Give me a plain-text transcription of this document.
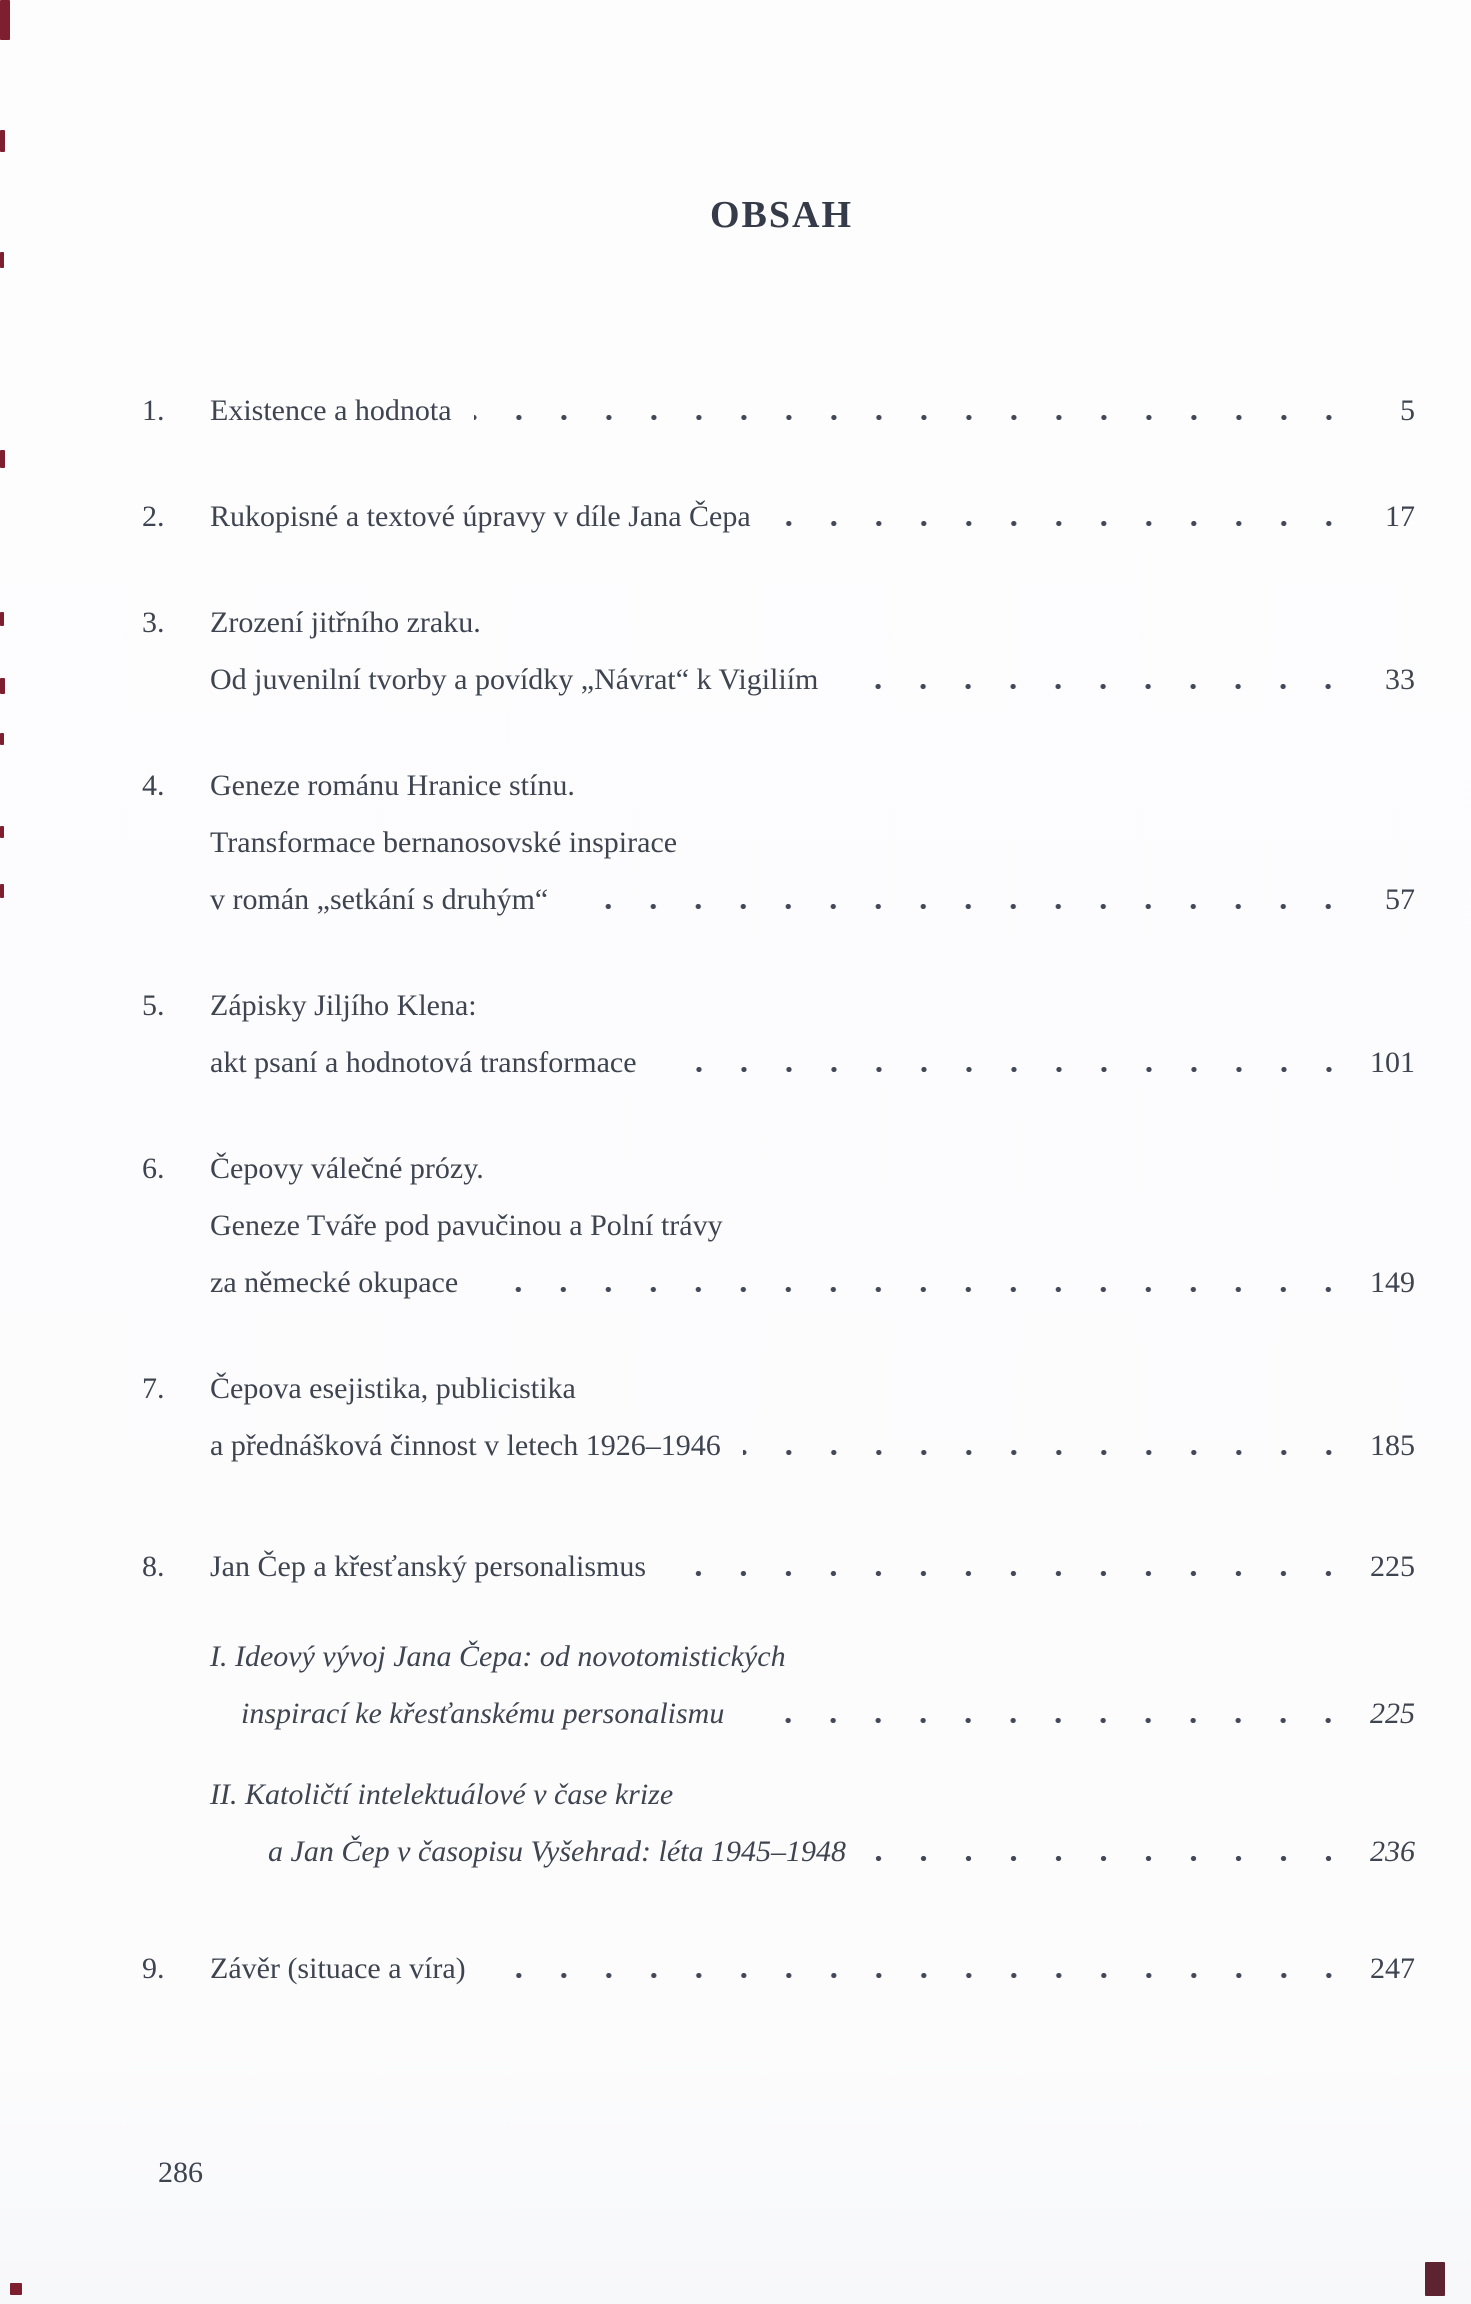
OBSAH
1.	Existence a hodnota	5
2.	Rukopisné a textové úpravy v díle Jana Čepa	17
3.	Zrození jitřního zraku.
Od juvenilní tvorby a povídky „Návrat“ k Vigiliím	33
4.	Geneze románu Hranice stínu.
Transformace bernanosovské inspirace
v román „setkání s druhým“	57
5.	Zápisky Jiljího Klena:
akt psaní a hodnotová transformace	101
6.	Čepovy válečné prózy.
Geneze Tváře pod pavučinou a Polní trávy
za německé okupace	149
7.	Čepova esejistika, publicistika
a přednášková činnost v letech 1926–1946	185
8.	Jan Čep a křesťanský personalismus	225
I. Ideový vývoj Jana Čepa: od novotomistických
inspirací ke křesťanskému personalismu	225
II. Katoličtí intelektuálové v čase krize
a Jan Čep v časopisu Vyšehrad: léta 1945–1948	236
9.	Závěr (situace a víra)	247
286
